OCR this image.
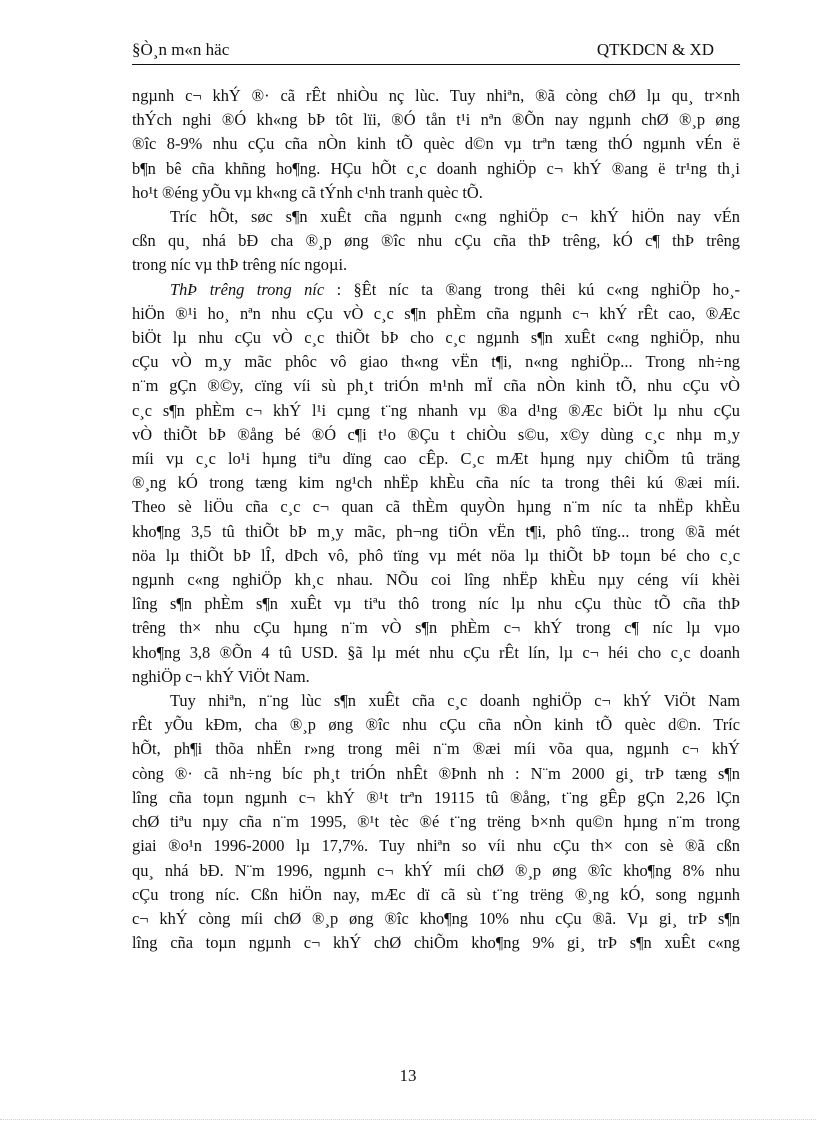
§Ò¸n m«n häc	QTKDCN & XD
ngµnh c¬ khÝ ®· cã rÊt nhiÒu nç lùc. Tuy nhiªn, ®ã còng chØ lµ qu¸ tr×nh
thÝch nghi ®Ó kh«ng bÞ tôt lïi, ®Ó tån t¹i nªn ®Õn nay ngµnh chØ ®¸p øng
®îc 8-9% nhu cÇu cña nÒn kinh tÕ quèc d©n vµ trªn tæng thÓ ngµnh vÉn ë
b¶n bê cña khñng ho¶ng. HÇu hÕt c¸c doanh nghiÖp c¬ khÝ ®ang ë tr¹ng th¸i
ho¹t ®éng yÕu vµ kh«ng cã tÝnh c¹nh tranh quèc tÕ.
Tríc hÕt, søc s¶n xuÊt cña ngµnh c«ng nghiÖp c¬ khÝ hiÖn nay vÉn
cßn qu¸ nhá bÐ cha ®¸p øng ®îc nhu cÇu cña thÞ trêng, kÓ c¶ thÞ trêng
trong níc vµ thÞ trêng níc ngoµi.
ThÞ trêng trong níc : §Êt níc ta ®ang trong thêi kú c«ng nghiÖp ho¸-
hiÖn ®¹i ho¸ nªn nhu cÇu vÒ c¸c s¶n phÈm cña ngµnh c¬ khÝ rÊt cao, ®Æc
biÖt lµ nhu cÇu vÒ c¸c thiÕt bÞ cho c¸c ngµnh s¶n xuÊt c«ng nghiÖp, nhu
cÇu vÒ m¸y mãc phôc vô giao th«ng vËn t¶i, n«ng nghiÖp... Trong nh÷ng
n¨m gÇn ®©y, cïng víi sù ph¸t triÓn m¹nh mÏ cña nÒn kinh tÕ, nhu cÇu vÒ
c¸c s¶n phÈm c¬ khÝ l¹i cµng t¨ng nhanh vµ ®a d¹ng ®Æc biÖt lµ nhu cÇu
vÒ thiÕt bÞ ®ång bé ®Ó c¶i t¹o ®Çu t chiÒu s©u, x©y dùng c¸c nhµ m¸y
míi vµ c¸c lo¹i hµng tiªu dïng cao cÊp. C¸c mÆt hµng nµy chiÕm tû träng
®¸ng kÓ trong tæng kim ng¹ch nhËp khÈu cña níc ta trong thêi kú ®æi míi.
Theo sè liÖu cña c¸c c¬ quan cã thÈm quyÒn hµng n¨m níc ta nhËp khÈu
kho¶ng 3,5 tû thiÕt bÞ m¸y mãc, ph¬ng tiÖn vËn t¶i, phô tïng... trong ®ã mét
nöa lµ thiÕt bÞ lÎ, dÞch vô, phô tïng vµ mét nöa lµ thiÕt bÞ toµn bé cho c¸c
ngµnh c«ng nghiÖp kh¸c nhau. NÕu coi lîng nhËp khÈu nµy céng víi khèi
lîng s¶n phÈm s¶n xuÊt vµ tiªu thô trong níc lµ nhu cÇu thùc tÕ cña thÞ
trêng th× nhu cÇu hµng n¨m vÒ s¶n phÈm c¬ khÝ trong c¶ níc lµ vµo
kho¶ng 3,8 ®Õn 4 tû USD. §ã lµ mét nhu cÇu rÊt lín, lµ c¬ héi cho c¸c doanh
nghiÖp c¬ khÝ ViÖt Nam.
Tuy nhiªn, n¨ng lùc s¶n xuÊt cña c¸c doanh nghiÖp c¬ khÝ ViÖt Nam
rÊt yÕu kÐm, cha ®¸p øng ®îc nhu cÇu cña nÒn kinh tÕ quèc d©n. Tríc
hÕt, ph¶i thõa nhËn r»ng trong mêi n¨m ®æi míi võa qua, ngµnh c¬ khÝ
còng ®· cã nh÷ng bíc ph¸t triÓn nhÊt ®Þnh nh : N¨m 2000 gi¸ trÞ tæng s¶n
lîng cña toµn ngµnh c¬ khÝ ®¹t trªn 19115 tû ®ång, t¨ng gÊp gÇn 2,26 lÇn
chØ tiªu nµy cña n¨m 1995, ®¹t tèc ®é t¨ng trëng b×nh qu©n hµng n¨m trong
giai ®o¹n 1996-2000 lµ 17,7%. Tuy nhiªn so víi nhu cÇu th× con sè ®ã cßn
qu¸ nhá bÐ. N¨m 1996, ngµnh c¬ khÝ míi chØ ®¸p øng ®îc kho¶ng 8% nhu
cÇu trong níc. Cßn hiÖn nay, mÆc dï cã sù t¨ng trëng ®¸ng kÓ, song ngµnh
c¬ khÝ còng míi chØ ®¸p øng ®îc kho¶ng 10% nhu cÇu ®ã. Vµ gi¸ trÞ s¶n
lîng cña toµn ngµnh c¬ khÝ chØ chiÕm kho¶ng 9% gi¸ trÞ s¶n xuÊt c«ng
13
